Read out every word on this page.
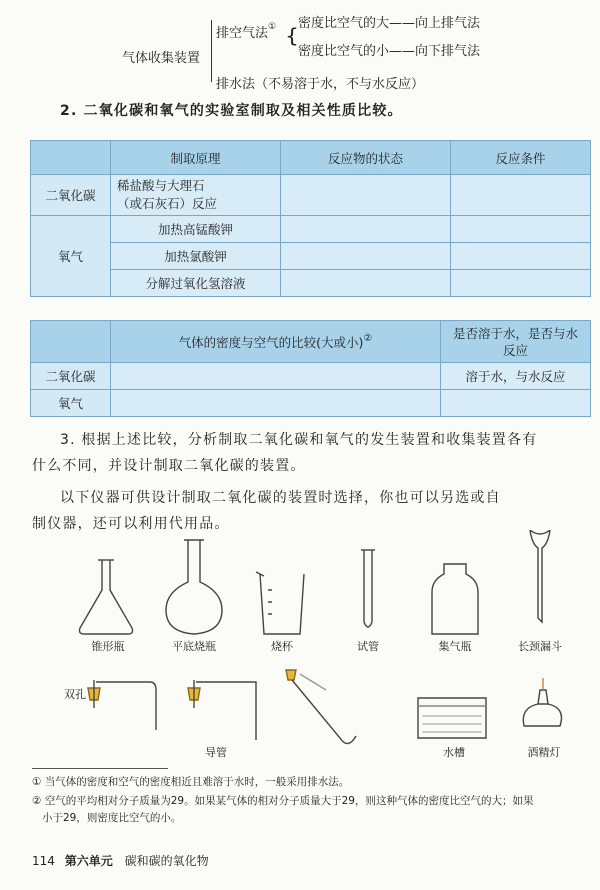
气体收集装置
排空气法① {
密度比空气的大——向上排气法
密度比空气的小——向下排气法
排水法（不易溶于水，不与水反应）
2. 二氧化碳和氧气的实验室制取及相关性质比较。
	制取原理	反应物的状态	反应条件
二氧化碳	稀盐酸与大理石
（或石灰石）反应		

氧气	加热高锰酸钾		
	加热氯酸钾		
	分解过氧化氢溶液		
	气体的密度与空气的比较(大或小)②	是否溶于水，是否与水反应
二氧化碳		溶于水，与水反应
氧气		
3. 根据上述比较，分析制取二氧化碳和氧气的发生装置和收集装置各有
什么不同，并设计制取二氧化碳的装置。
以下仪器可供设计制取二氧化碳的装置时选择，你也可以另选或自
制仪器，还可以利用代用品。
锥形瓶	平底烧瓶	烧杯	试管	集气瓶	长颈漏斗
双孔
导管	水槽	酒精灯
① 当气体的密度和空气的密度相近且难溶于水时，一般采用排水法。
② 空气的平均相对分子质量为29。如果某气体的相对分子质量大于29，则这种气体的密度比空气的大；如果
小于29，则密度比空气的小。
114 第六单元 碳和碳的氧化物
